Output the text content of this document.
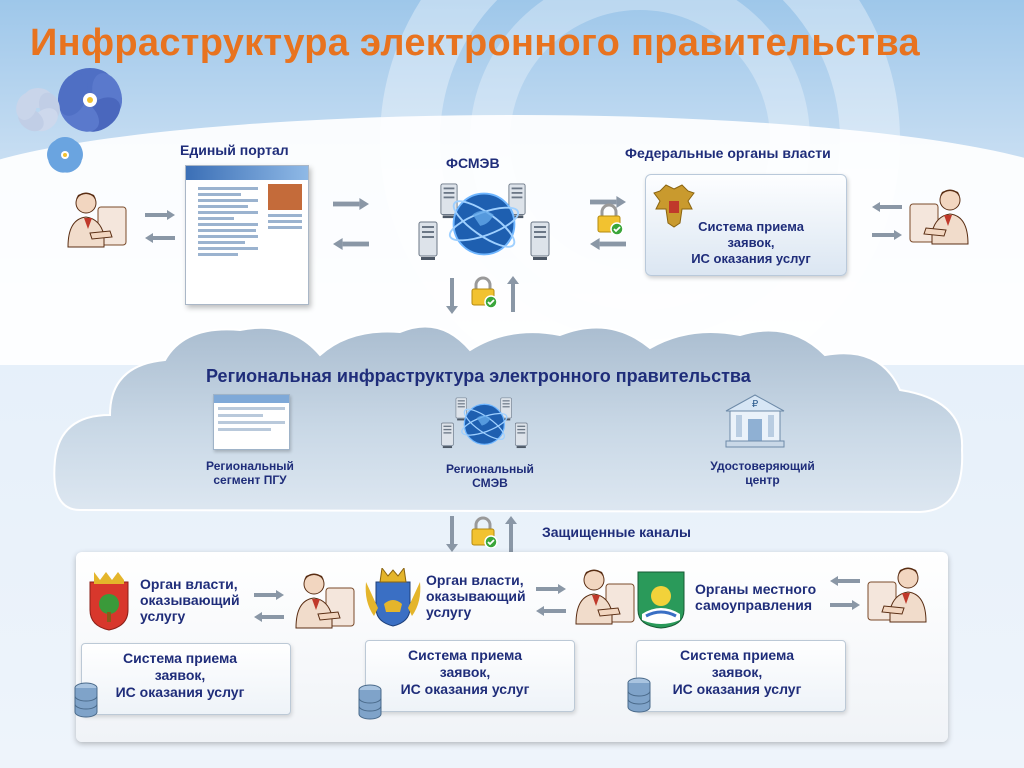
Инфраструктура электронного правительства
Единый портал
ФСМЭВ
Федеральные органы власти
Система приема
заявок,
ИС оказания услуг
Региональная инфраструктура электронного правительства
Региональный
сегмент ПГУ
Региональный
СМЭВ
₽
Удостоверяющий
центр
Защищенные каналы
Орган власти,
оказывающий
услугу
Система приема
заявок,
ИС оказания услуг
Орган власти,
оказывающий
услугу
Система приема
заявок,
ИС оказания услуг
Органы местного
самоуправления
Система приема
заявок,
ИС оказания услуг
